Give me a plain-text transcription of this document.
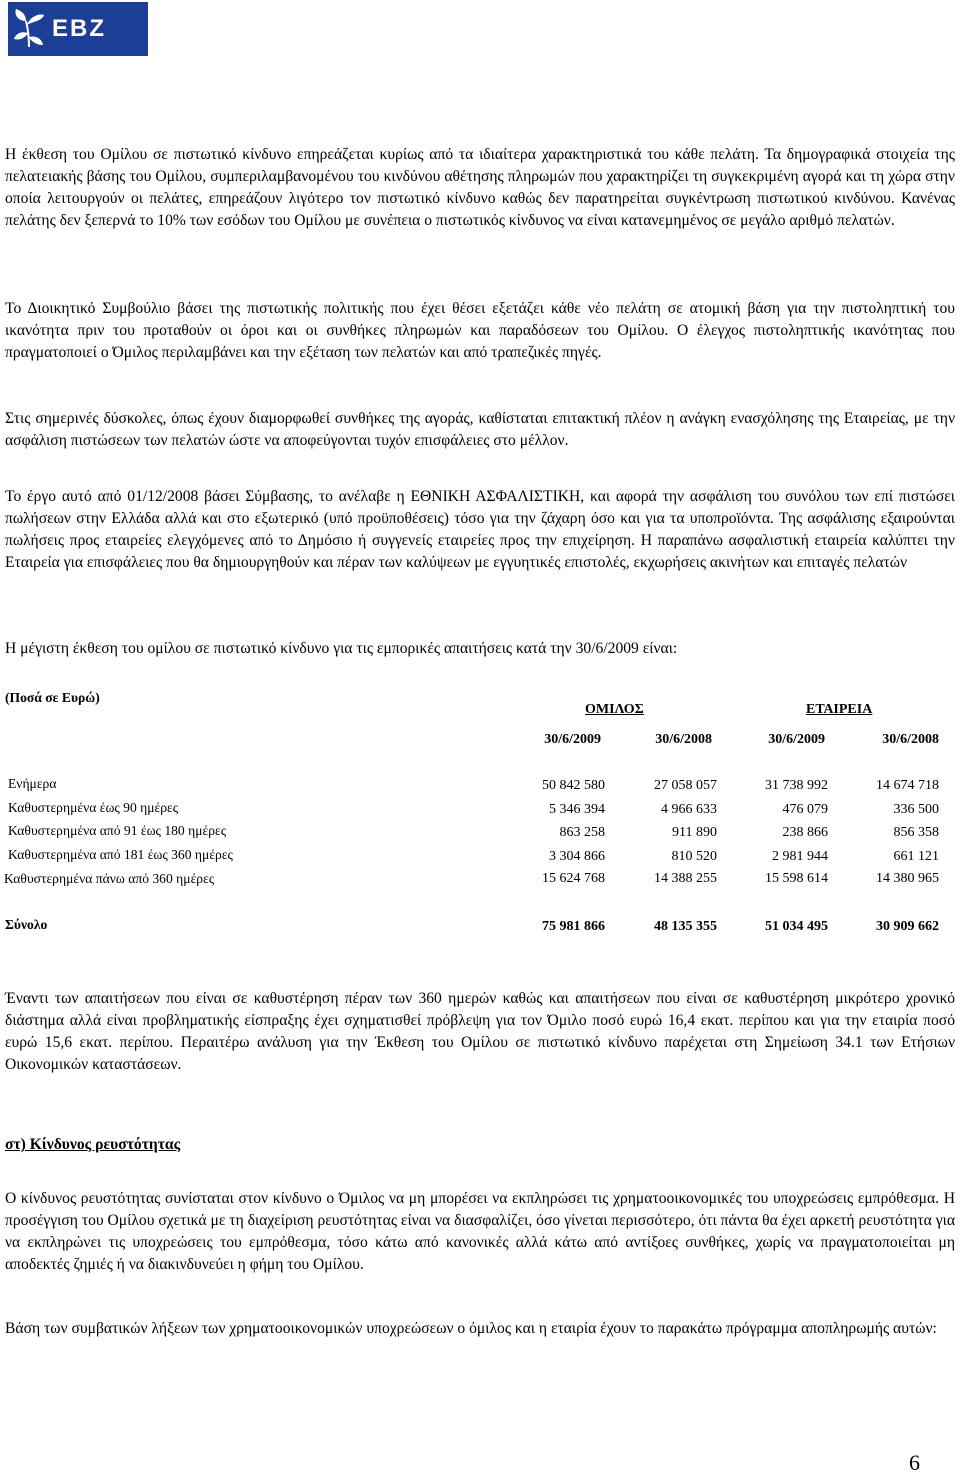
EBZ

Η έκθεση του Ομίλου σε πιστωτικό κίνδυνο επηρεάζεται κυρίως από τα ιδιαίτερα χαρακτηριστικά του κάθε πελάτη. Τα δημογραφικά στοιχεία της πελατειακής βάσης του Ομίλου, συμπεριλαμβανομένου του κινδύνου αθέτησης πληρωμών που χαρακτηρίζει τη συγκεκριμένη αγορά και τη χώρα στην οποία λειτουργούν οι πελάτες, επηρεάζουν λιγότερο τον πιστωτικό κίνδυνο καθώς δεν παρατηρείται συγκέντρωση πιστωτικού κινδύνου. Κανένας πελάτης δεν ξεπερνά το 10% των εσόδων του Ομίλου με συνέπεια ο πιστωτικός κίνδυνος να είναι κατανεμημένος σε μεγάλο αριθμό πελατών.

Το Διοικητικό Συμβούλιο βάσει της πιστωτικής πολιτικής που έχει θέσει εξετάζει κάθε νέο πελάτη σε ατομική βάση για την πιστοληπτική του ικανότητα πριν του προταθούν οι όροι και οι συνθήκες πληρωμών και παραδόσεων του Ομίλου. Ο έλεγχος πιστοληπτικής ικανότητας που πραγματοποιεί ο Όμιλος περιλαμβάνει και την εξέταση των πελατών και από τραπεζικές πηγές.

Στις σημερινές δύσκολες, όπως έχουν διαμορφωθεί συνθήκες της αγοράς, καθίσταται επιτακτική πλέον η ανάγκη ενασχόλησης της Εταιρείας, με την ασφάλιση πιστώσεων των πελατών ώστε να αποφεύγονται τυχόν επισφάλειες στο μέλλον.

Το έργο αυτό από 01/12/2008 βάσει Σύμβασης, το ανέλαβε η ΕΘΝΙΚΗ ΑΣΦΑΛΙΣΤΙΚΗ, και αφορά την ασφάλιση του συνόλου των επί πιστώσει πωλήσεων στην Ελλάδα αλλά και στο εξωτερικό (υπό προϋποθέσεις) τόσο για την ζάχαρη όσο και για τα υποπροϊόντα. Της ασφάλισης εξαιρούνται πωλήσεις προς εταιρείες ελεγχόμενες από το Δημόσιο ή συγγενείς εταιρείες προς την επιχείρηση. Η παραπάνω ασφαλιστική εταιρεία καλύπτει την Εταιρεία για επισφάλειες που θα δημιουργηθούν και πέραν των καλύψεων με εγγυητικές επιστολές, εκχωρήσεις ακινήτων και επιταγές πελατών

Η μέγιστη έκθεση του ομίλου σε πιστωτικό κίνδυνο για τις εμπορικές απαιτήσεις κατά την 30/6/2009 είναι:

(Ποσά σε Ευρώ)
ΟΜΙΛΟΣ	ΕΤΑΙΡΕΙΑ
30/6/2009	30/6/2008	30/6/2009	30/6/2008
Ενήμερα	50 842 580	27 058 057	31 738 992	14 674 718
Καθυστερημένα έως 90 ημέρες	5 346 394	4 966 633	476 079	336 500
Καθυστερημένα από 91 έως 180 ημέρες	863 258	911 890	238 866	856 358
Καθυστερημένα από 181 έως 360 ημέρες	3 304 866	810 520	2 981 944	661 121
Καθυστερημένα πάνω από 360 ημέρες	15 624 768	14 388 255	15 598 614	14 380 965
Σύνολο	75 981 866	48 135 355	51 034 495	30 909 662

Έναντι των απαιτήσεων που είναι σε καθυστέρηση πέραν των 360 ημερών καθώς και απαιτήσεων που είναι σε καθυστέρηση μικρότερο χρονικό διάστημα αλλά είναι προβληματικής είσπραξης έχει σχηματισθεί πρόβλεψη για τον Όμιλο ποσό ευρώ 16,4 εκατ. περίπου και για την εταιρία ποσό ευρώ 15,6 εκατ. περίπου. Περαιτέρω ανάλυση για την Έκθεση του Ομίλου σε πιστωτικό κίνδυνο παρέχεται στη Σημείωση 34.1 των Ετήσιων Οικονομικών καταστάσεων.

στ) Κίνδυνος ρευστότητας

Ο κίνδυνος ρευστότητας συνίσταται στον κίνδυνο ο Όμιλος να μη μπορέσει να εκπληρώσει τις χρηματοοικονομικές του υποχρεώσεις εμπρόθεσμα. Η προσέγγιση του Ομίλου σχετικά με τη διαχείριση ρευστότητας είναι να διασφαλίζει, όσο γίνεται περισσότερο, ότι πάντα θα έχει αρκετή ρευστότητα για να εκπληρώνει τις υποχρεώσεις του εμπρόθεσμα, τόσο κάτω από κανονικές αλλά κάτω από αντίξοες συνθήκες, χωρίς να πραγματοποιείται μη αποδεκτές ζημιές ή να διακινδυνεύει η φήμη του Ομίλου.

Βάση των συμβατικών λήξεων των χρηματοοικονομικών υποχρεώσεων ο όμιλος και η εταιρία έχουν το παρακάτω πρόγραμμα αποπληρωμής αυτών:

6
